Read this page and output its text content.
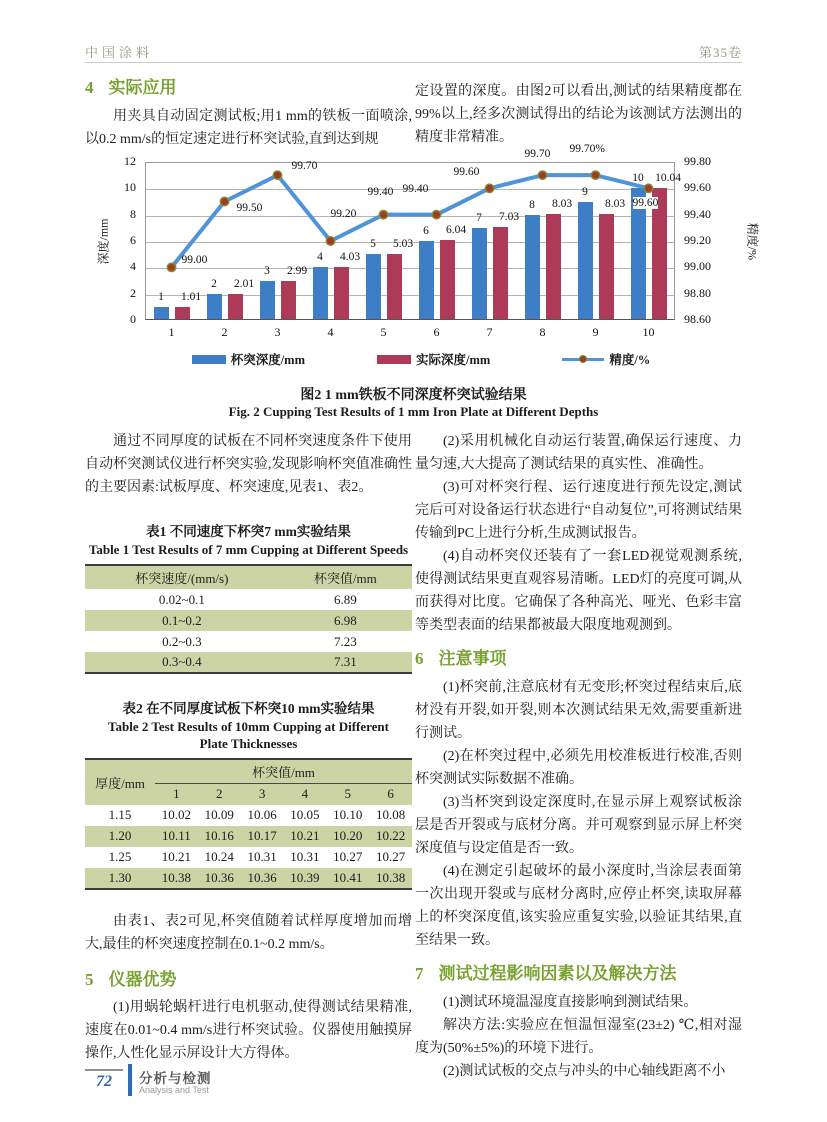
中国涂料	第35卷
4 实际应用

用夹具自动固定测试板;用1 mm的铁板一面喷涂,以0.2 mm/s的恒定速定进行杯突试验,直到达到规

定设置的深度。由图2可以看出,测试的结果精度都在99%以上,经多次测试得出的结论为该测试方法测出的精度非常精准。

1	1.01
1
2	2.01
2
3	2.99
3
4	4.03
4
5	5.03
5
6	6.04
6
7	7.03
7
8	8.03
8
9
8.03
9
10 10.04
10
99.00
99.50
99.70
99.20
99.40 99.40
99.60
99.70 99.70%
99.60
12
10
8
6
4
2
0
99.80
99.60
99.40
99.20
99.00
98.80
98.60
深度/mm	精度/%
杯突深度/mm	实际深度/mm	精度/%
图2 1 mm铁板不同深度杯突试验结果
Fig. 2 Cupping Test Results of 1 mm Iron Plate at Different Depths

通过不同厚度的试板在不同杯突速度条件下使用自动杯突测试仪进行杯突实验,发现影响杯突值准确性的主要因素:试板厚度、杯突速度,见表1、表2。

表1 不同速度下杯突7 mm实验结果
Table 1 Test Results of 7 mm Cupping at Different Speeds
杯突速度/(mm/s)	杯突值/mm
0.02~0.1	6.89
0.1~0.2	6.98
0.2~0.3	7.23
0.3~0.4	7.31
表2 在不同厚度试板下杯突10 mm实验结果
Table 2 Test Results of 10mm Cupping at Different
Plate Thicknesses
厚度/mm	杯突值/mm					
	1	2	3	4	5	6
1.15	10.02	10.09	10.06	10.05	10.10	10.08
1.20	10.11	10.16	10.17	10.21	10.20	10.22
1.25	10.21	10.24	10.31	10.31	10.27	10.27
1.30	10.38	10.36	10.36	10.39	10.41	10.38

由表1、表2可见,杯突值随着试样厚度增加而增大,最佳的杯突速度控制在0.1~0.2 mm/s。

5 仪器优势

(1)用蜗轮蜗杆进行电机驱动,使得测试结果精准,速度在0.01~0.4 mm/s进行杯突试验。仪器使用触摸屏操作,人性化显示屏设计大方得体。

(2)采用机械化自动运行装置,确保运行速度、力量匀速,大大提高了测试结果的真实性、准确性。

(3)可对杯突行程、运行速度进行预先设定,测试完后可对设备运行状态进行“自动复位”,可将测试结果传输到PC上进行分析,生成测试报告。

(4)自动杯突仪还装有了一套LED视觉观测系统,使得测试结果更直观容易清晰。LED灯的亮度可调,从而获得对比度。它确保了各种高光、哑光、色彩丰富等类型表面的结果都被最大限度地观测到。

6 注意事项

(1)杯突前,注意底材有无变形;杯突过程结束后,底材没有开裂,如开裂,则本次测试结果无效,需要重新进行测试。

(2)在杯突过程中,必须先用校准板进行校准,否则杯突测试实际数据不准确。

(3)当杯突到设定深度时,在显示屏上观察试板涂层是否开裂或与底材分离。并可观察到显示屏上杯突深度值与设定值是否一致。

(4)在测定引起破坏的最小深度时,当涂层表面第一次出现开裂或与底材分离时,应停止杯突,读取屏幕上的杯突深度值,该实验应重复实验,以验证其结果,直至结果一致。

7 测试过程影响因素以及解决方法

(1)测试环境温湿度直接影响到测试结果。

解决方法:实验应在恒温恒湿室(23±2) ℃,相对湿度为(50%±5%)的环境下进行。

(2)测试试板的交点与冲头的中心轴线距离不小

72	分析与检测
Analysis and Test
